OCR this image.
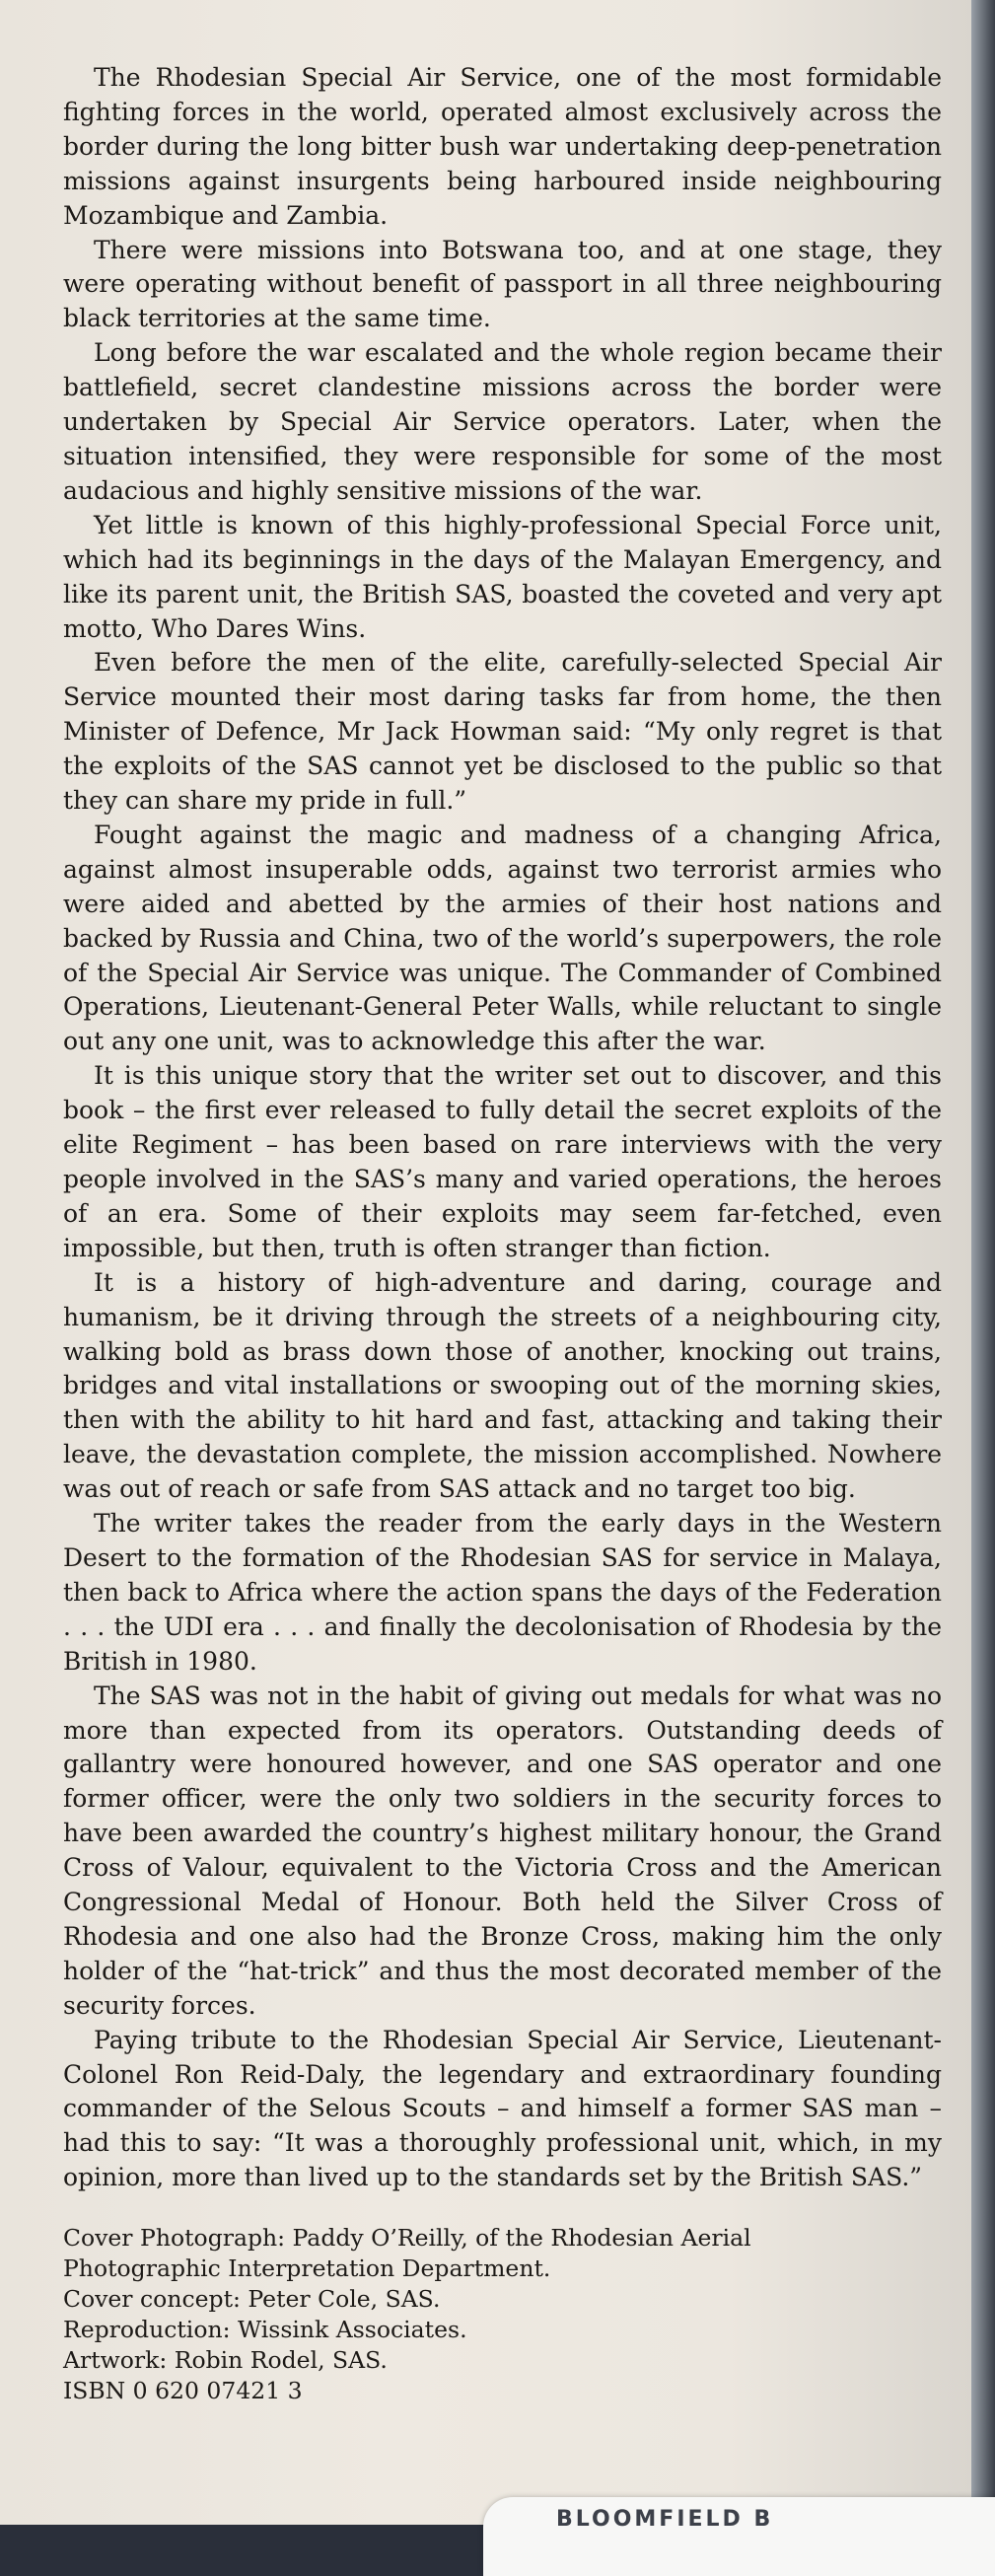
The Rhodesian Special Air Service, one of the most formidable fighting forces in the world, operated almost exclusively across the border during the long bitter bush war undertaking deep-penetration missions against insurgents being harboured inside neighbouring Mozambique and Zambia.

There were missions into Botswana too, and at one stage, they were operating without benefit of passport in all three neighbouring black territories at the same time.

Long before the war escalated and the whole region became their battlefield, secret clandestine missions across the border were undertaken by Special Air Service operators. Later, when the situation intensified, they were responsible for some of the most audacious and highly sensitive missions of the war.

Yet little is known of this highly-professional Special Force unit, which had its beginnings in the days of the Malayan Emergency, and like its parent unit, the British SAS, boasted the coveted and very apt motto, Who Dares Wins.

Even before the men of the elite, carefully-selected Special Air Service mounted their most daring tasks far from home, the then Minister of Defence, Mr Jack Howman said: “My only regret is that the exploits of the SAS cannot yet be disclosed to the public so that they can share my pride in full.”

Fought against the magic and madness of a changing Africa, against almost insuperable odds, against two terrorist armies who were aided and abetted by the armies of their host nations and backed by Russia and China, two of the world’s superpowers, the role of the Special Air Service was unique. The Commander of Combined Operations, Lieutenant-General Peter Walls, while reluctant to single out any one unit, was to acknowledge this after the war.

It is this unique story that the writer set out to discover, and this book – the first ever released to fully detail the secret exploits of the elite Regiment – has been based on rare interviews with the very people involved in the SAS’s many and varied operations, the heroes of an era. Some of their exploits may seem far-fetched, even impossible, but then, truth is often stranger than fiction.

It is a history of high-adventure and daring, courage and humanism, be it driving through the streets of a neighbouring city, walking bold as brass down those of another, knocking out trains, bridges and vital installations or swooping out of the morning skies, then with the ability to hit hard and fast, attacking and taking their leave, the devastation complete, the mission accomplished. Nowhere was out of reach or safe from SAS attack and no target too big.

The writer takes the reader from the early days in the Western Desert to the formation of the Rhodesian SAS for service in Malaya, then back to Africa where the action spans the days of the Federation . . . the UDI era . . . and finally the decolonisation of Rhodesia by the British in 1980.

The SAS was not in the habit of giving out medals for what was no more than expected from its operators. Outstanding deeds of gallantry were honoured however, and one SAS operator and one former officer, were the only two soldiers in the security forces to have been awarded the country’s highest military honour, the Grand Cross of Valour, equivalent to the Victoria Cross and the American Congressional Medal of Honour. Both held the Silver Cross of Rhodesia and one also had the Bronze Cross, making him the only holder of the “hat-trick” and thus the most decorated member of the security forces.

Paying tribute to the Rhodesian Special Air Service, Lieutenant-Colonel Ron Reid-Daly, the legendary and extraordinary founding commander of the Selous Scouts – and himself a former SAS man – had this to say: “It was a thoroughly professional unit, which, in my opinion, more than lived up to the standards set by the British SAS.”

Cover Photograph: Paddy O’Reilly, of the Rhodesian Aerial
Photographic Interpretation Department.
Cover concept: Peter Cole, SAS.
Reproduction: Wissink Associates.
Artwork: Robin Rodel, SAS.
ISBN 0 620 07421 3
BLOOMFIELD B
